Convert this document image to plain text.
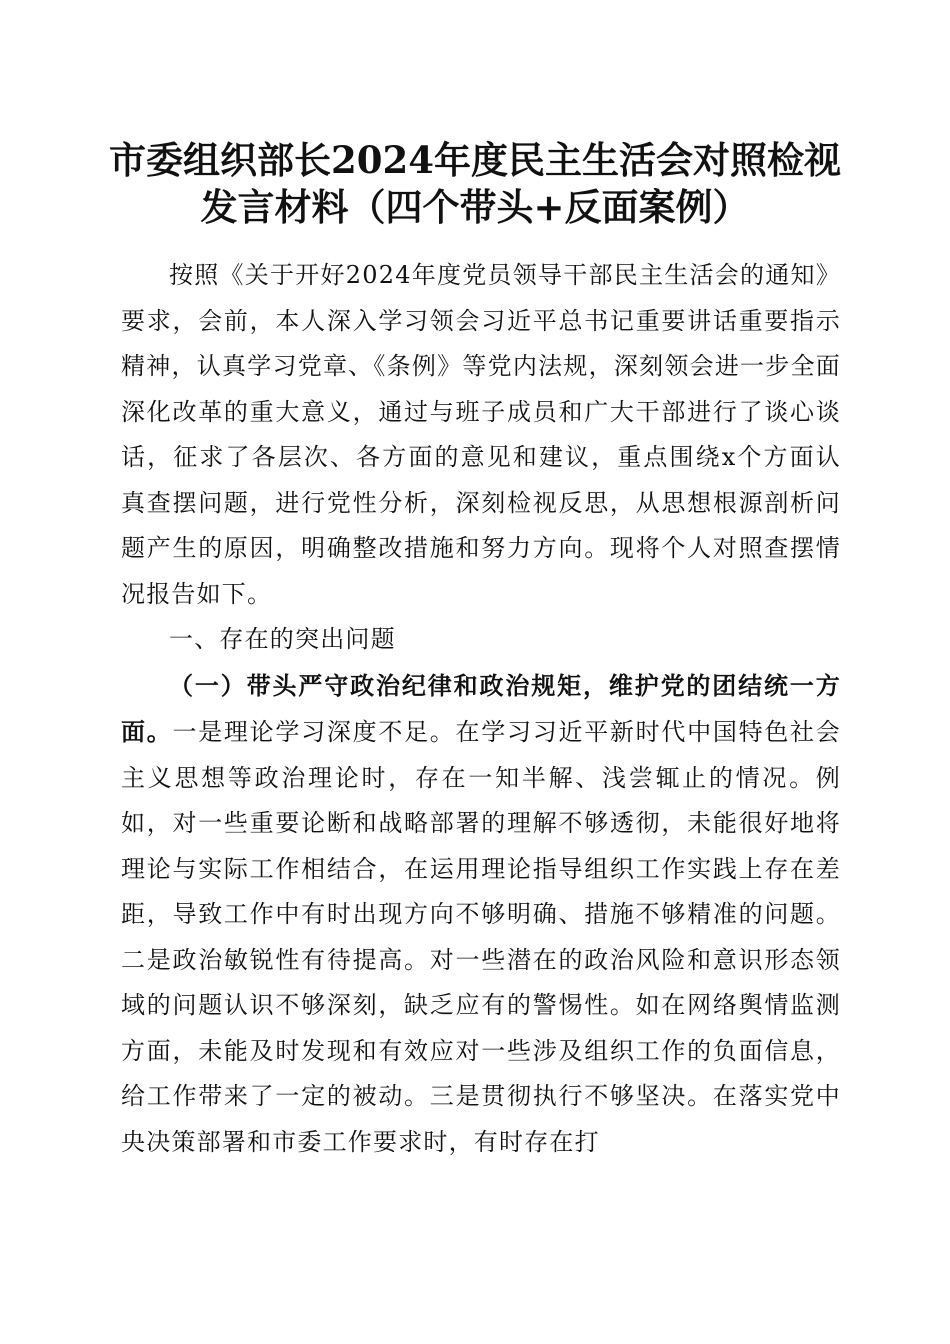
市委组织部长2024年度民主生活会对照检视
发言材料（四个带头+反面案例）

按照《关于开好2024年度党员领导干部民主生活会的通知》要求，会前，本人深入学习领会习近平总书记重要讲话重要指示精神，认真学习党章、《条例》等党内法规，深刻领会进一步全面深化改革的重大意义，通过与班子成员和广大干部进行了谈心谈话，征求了各层次、各方面的意见和建议，重点围绕x个方面认真查摆问题，进行党性分析，深刻检视反思，从思想根源剖析问题产生的原因，明确整改措施和努力方向。现将个人对照查摆情况报告如下。

一、存在的突出问题

（一）带头严守政治纪律和政治规矩，维护党的团结统一方面。一是理论学习深度不足。在学习习近平新时代中国特色社会主义思想等政治理论时，存在一知半解、浅尝辄止的情况。例如，对一些重要论断和战略部署的理解不够透彻，未能很好地将理论与实际工作相结合，在运用理论指导组织工作实践上存在差距，导致工作中有时出现方向不够明确、措施不够精准的问题。二是政治敏锐性有待提高。对一些潜在的政治风险和意识形态领域的问题认识不够深刻，缺乏应有的警惕性。如在网络舆情监测方面，未能及时发现和有效应对一些涉及组织工作的负面信息，给工作带来了一定的被动。三是贯彻执行不够坚决。在落实党中央决策部署和市委工作要求时，有时存在打
